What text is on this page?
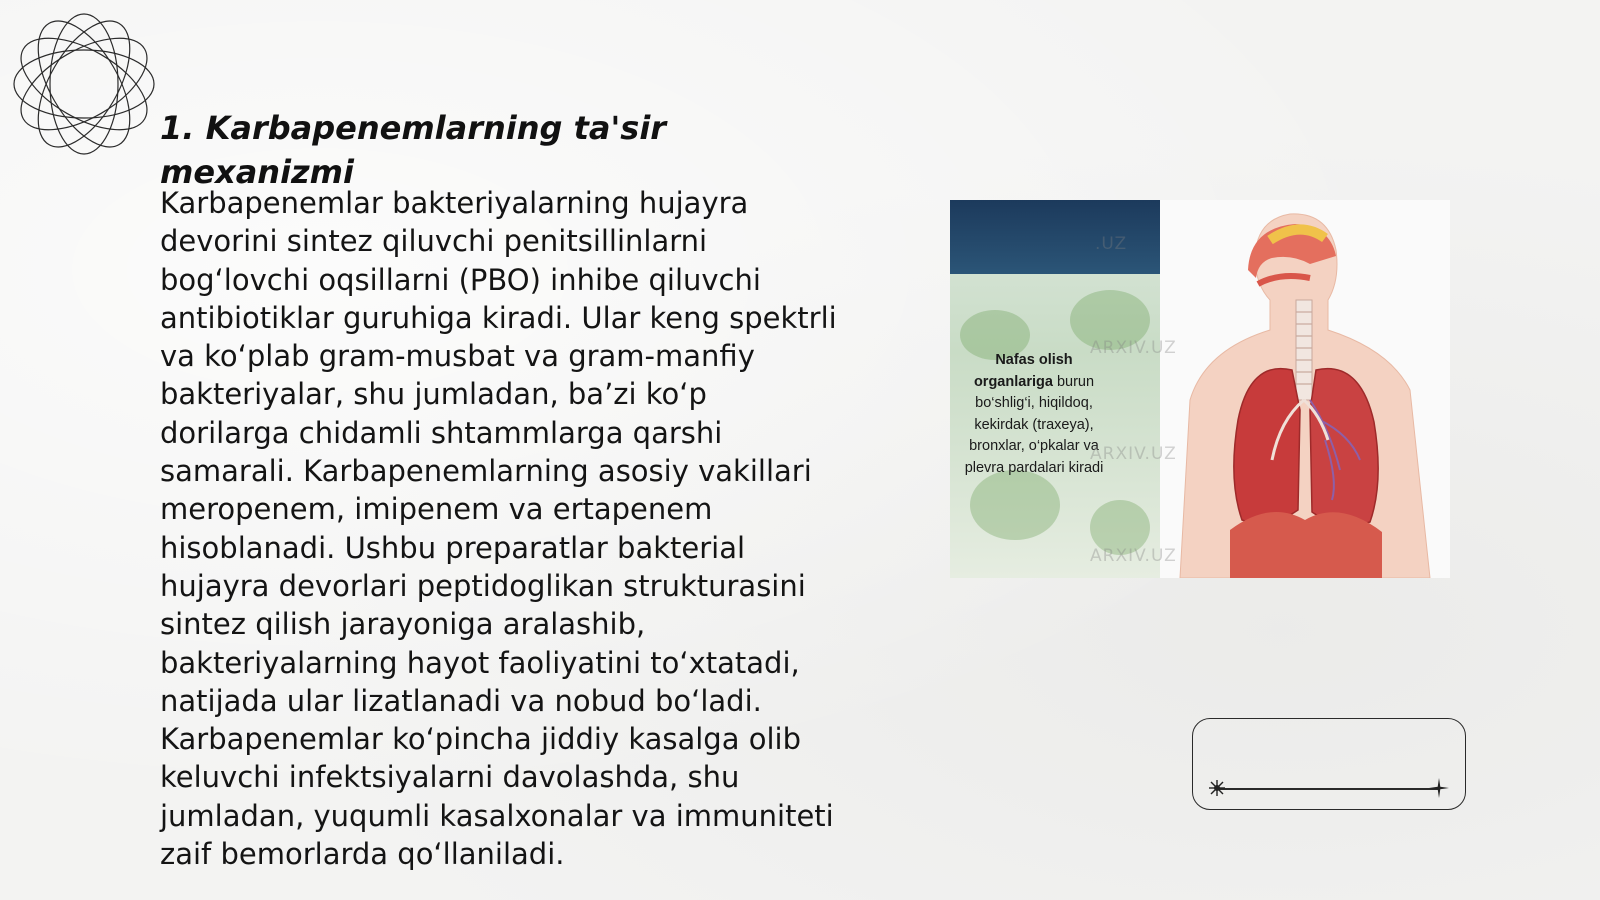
1. Karbapenemlarning ta'sir mexanizmi

Karbapenemlar bakteriyalarning hujayra devorini sintez qiluvchi penitsillinlarni bog‘lovchi oqsillarni (PBO) inhibe qiluvchi antibiotiklar guruhiga kiradi. Ular keng spektrli va ko‘plab gram-musbat va gram-manfiy bakteriyalar, shu jumladan, ba’zi ko‘p dorilarga chidamli shtammlarga qarshi samarali. Karbapenemlarning asosiy vakillari meropenem, imipenem va ertapenem hisoblanadi. Ushbu preparatlar bakterial hujayra devorlari peptidoglikan strukturasini sintez qilish jarayoniga aralashib, bakteriyalarning hayot faoliyatini to‘xtatadi, natijada ular lizatlanadi va nobud bo‘ladi. Karbapenemlar ko‘pincha jiddiy kasalga olib keluvchi infektsiyalarni davolashda, shu jumladan, yuqumli kasalxonalar va immuniteti zaif bemorlarda qo‘llaniladi.

Nafas olish organlariga burun bo‘shlig‘i, hiqildoq, kekirdak (traxeya), bronxlar, o‘pkalar va plevra pardalari kiradi
.UZ
ARXIV.UZ
ARXIV.UZ
ARXIV.UZ
